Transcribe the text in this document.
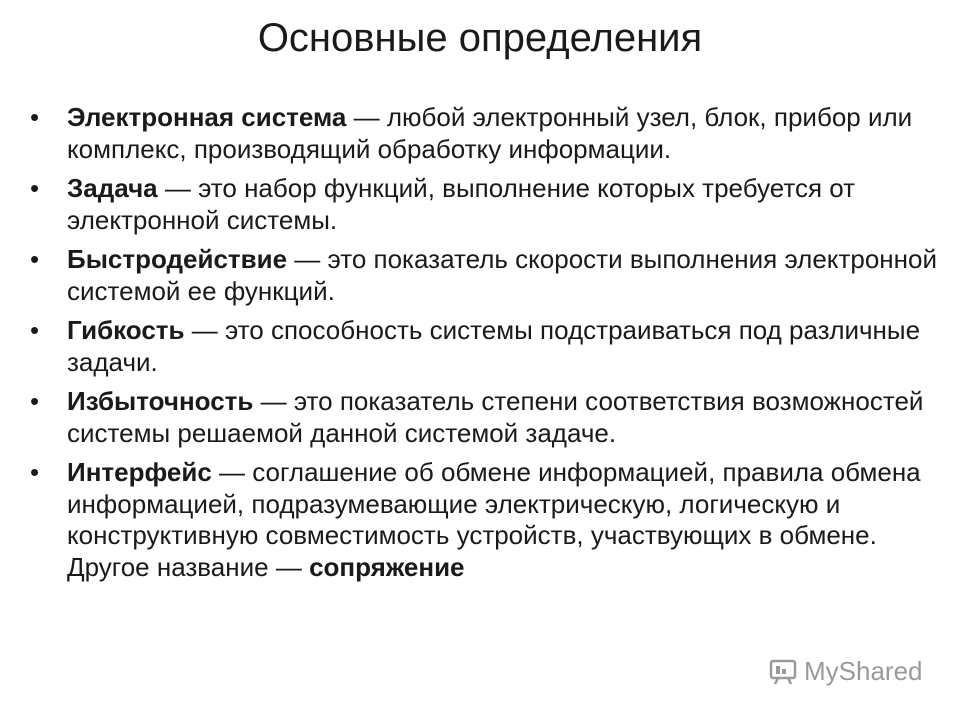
Основные определения
• Электронная система — любой электронный узел, блок, прибор или комплекс, производящий обработку информации.
• Задача — это набор функций, выполнение которых требуется от электронной системы.
• Быстродействие — это показатель скорости выполнения электронной системой ее функций.
• Гибкость — это способность системы подстраиваться под различные задачи.
• Избыточность — это показатель степени соответствия возможностей системы решаемой данной системой задаче.
• Интерфейс — соглашение об обмене информацией, правила обмена информацией, подразумевающие электрическую, логическую и конструктивную совместимость устройств, участвующих в обмене. Другое название — сопряжение
MyShared
